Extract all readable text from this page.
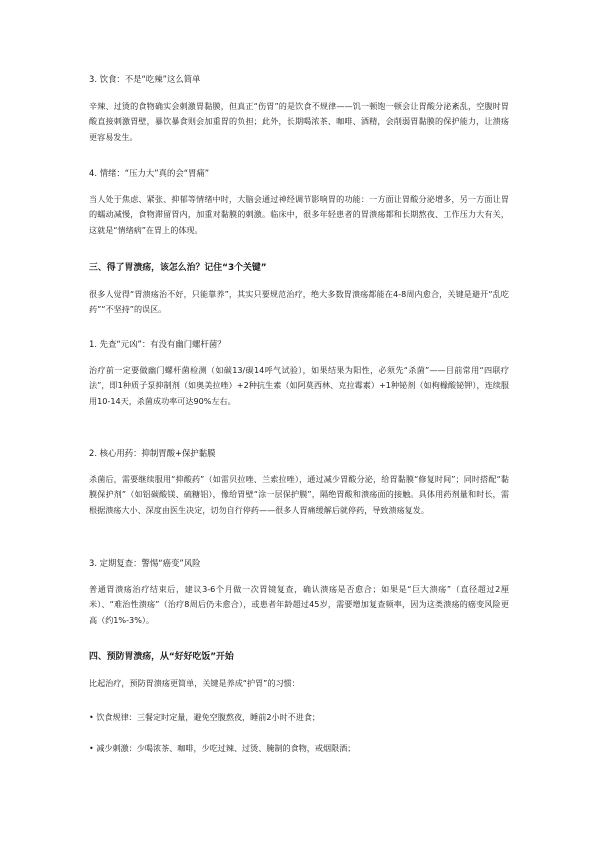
3. 饮食：不是“吃辣”这么简单

辛辣、过烫的食物确实会刺激胃黏膜，但真正“伤胃”的是饮食不规律——饥一顿饱一顿会让胃酸分泌紊乱，空腹时胃酸直接刺激胃壁，暴饮暴食则会加重胃的负担；此外，长期喝浓茶、咖啡、酒精，会削弱胃黏膜的保护能力，让溃疡更容易发生。

4. 情绪：“压力大”真的会“胃痛”

当人处于焦虑、紧张、抑郁等情绪中时，大脑会通过神经调节影响胃的功能：一方面让胃酸分泌增多，另一方面让胃的蠕动减慢，食物滞留胃内，加重对黏膜的刺激。临床中，很多年轻患者的胃溃疡都和长期熬夜、工作压力大有关，这就是“情绪病”在胃上的体现。

三、得了胃溃疡，该怎么治？记住“3个关键”

很多人觉得“胃溃疡治不好，只能靠养”，其实只要规范治疗，绝大多数胃溃疡都能在4-8周内愈合，关键是避开“乱吃药”“不坚持”的误区。

1. 先查“元凶”：有没有幽门螺杆菌？

治疗前一定要做幽门螺杆菌检测（如碳13/碳14呼气试验），如果结果为阳性，必须先“杀菌”——目前常用“四联疗法”，即1种质子泵抑制剂（如奥美拉唑）+2种抗生素（如阿莫西林、克拉霉素）+1种铋剂（如枸橼酸铋钾），连续服用10-14天，杀菌成功率可达90%左右。

2. 核心用药：抑制胃酸+保护黏膜

杀菌后，需要继续服用“抑酸药”（如雷贝拉唑、兰索拉唑），通过减少胃酸分泌，给胃黏膜“修复时间”；同时搭配“黏膜保护剂”（如铝碳酸镁、硫糖铝），像给胃壁“涂一层保护膜”，隔绝胃酸和溃疡面的接触。具体用药剂量和时长，需根据溃疡大小、深度由医生决定，切勿自行停药——很多人胃痛缓解后就停药，导致溃疡复发。

3. 定期复查：警惕“癌变”风险

普通胃溃疡治疗结束后，建议3-6个月做一次胃镜复查，确认溃疡是否愈合；如果是“巨大溃疡”（直径超过2厘米）、“难治性溃疡”（治疗8周后仍未愈合），或患者年龄超过45岁，需要增加复查频率，因为这类溃疡的癌变风险更高（约1%-3%）。

四、预防胃溃疡，从“好好吃饭”开始

比起治疗，预防胃溃疡更简单，关键是养成“护胃”的习惯：

• 饮食规律：三餐定时定量，避免空腹熬夜，睡前2小时不进食；

• 减少刺激：少喝浓茶、咖啡，少吃过辣、过烫、腌制的食物，戒烟限酒；
